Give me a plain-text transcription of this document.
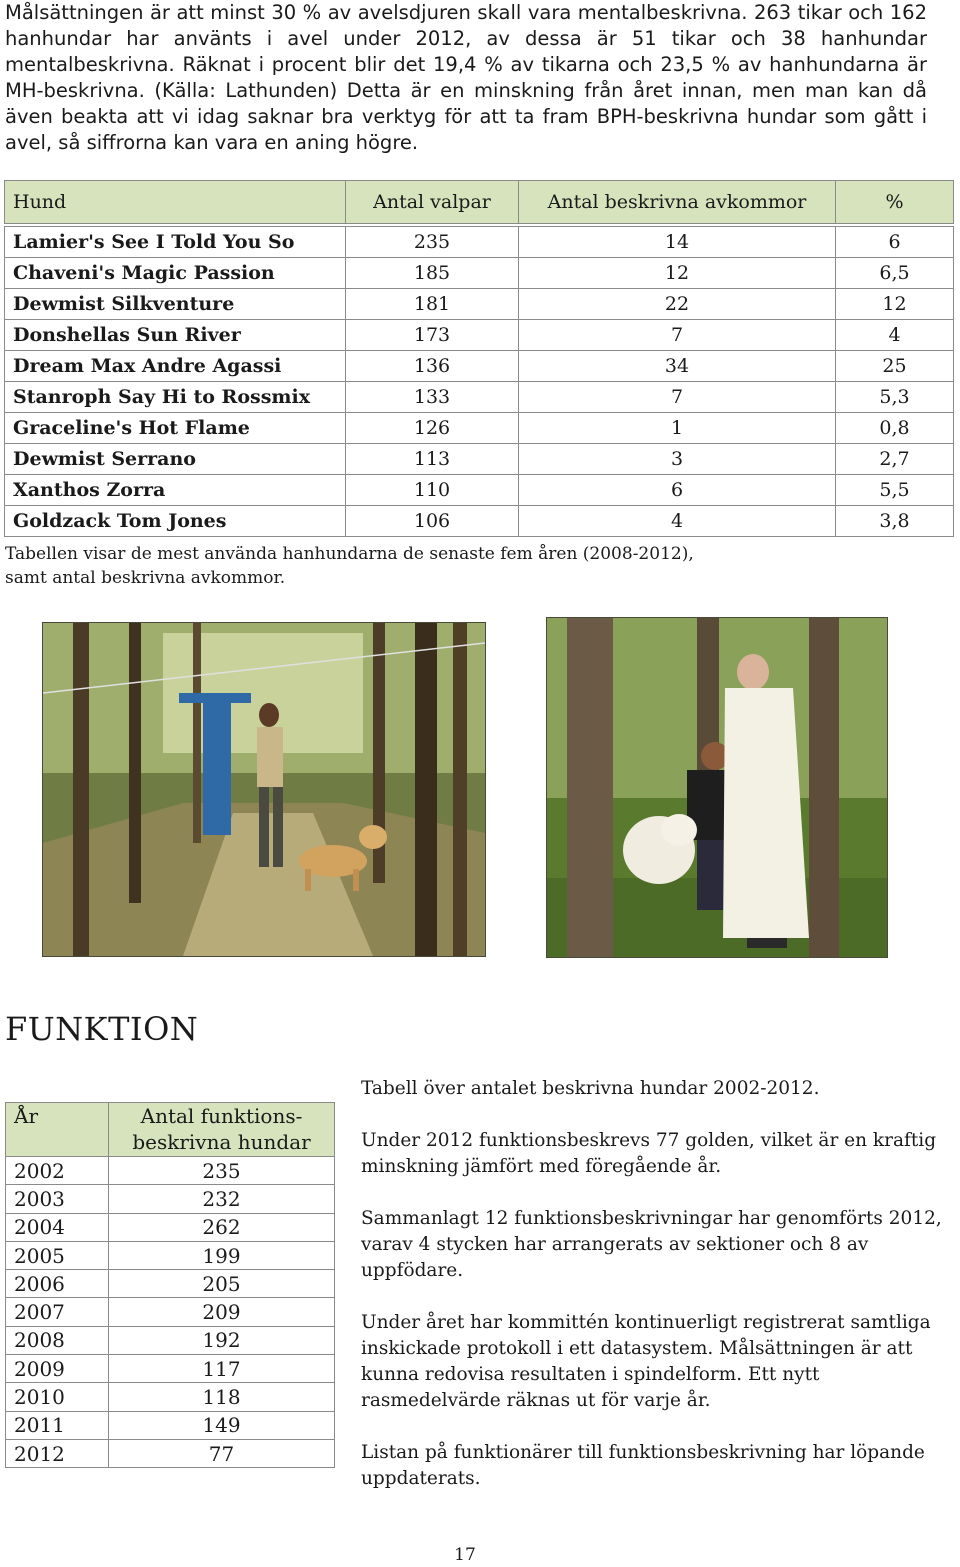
Målsättningen är att minst 30 % av avelsdjuren skall vara mentalbeskrivna. 263 tikar och 162 hanhundar har använts i avel under 2012, av dessa är 51 tikar och 38 hanhundar mentalbeskrivna. Räknat i procent blir det 19,4 % av tikarna och 23,5 % av hanhundarna är MH-beskrivna. (Källa: Lathunden) Detta är en minskning från året innan, men man kan då även beakta att vi idag saknar bra verktyg för att ta fram BPH-beskrivna hundar som gått i avel, så siffrorna kan vara en aning högre.

Hund	Antal valpar	Antal beskrivna avkommor	%

Lamier's See I Told You So	235	14	6
Chaveni's Magic Passion	185	12	6,5
Dewmist Silkventure	181	22	12
Donshellas Sun River	173	7	4
Dream Max Andre Agassi	136	34	25
Stanroph Say Hi to Rossmix	133	7	5,3
Graceline's Hot Flame	126	1	0,8
Dewmist Serrano	113	3	2,7
Xanthos Zorra	110	6	5,5
Goldzack Tom Jones	106	4	3,8
Tabellen visar de mest använda hanhundarna de senaste fem åren (2008-2012),
samt antal beskrivna avkommor.
FUNKTION
År	Antal funktions-
beskrivna hundar
2002	235
2003	232
2004	262
2005	199
2006	205
2007	209
2008	192
2009	117
2010	118
2011	149
2012	77

Tabell över antalet beskrivna hundar 2002-2012.

Under 2012 funktionsbeskrevs 77 golden, vilket är en kraftig minskning jämfört med föregående år.

Sammanlagt 12 funktionsbeskrivningar har genomförts 2012, varav 4 stycken har arrangerats av sektioner och 8 av uppfödare.

Under året har kommittén kontinuerligt registrerat samtliga inskickade protokoll i ett datasystem. Målsättningen är att kunna redovisa resultaten i spindelform. Ett nytt rasmedelvärde räknas ut för varje år.

Listan på funktionärer till funktionsbeskrivning har löpande uppdaterats.

17
